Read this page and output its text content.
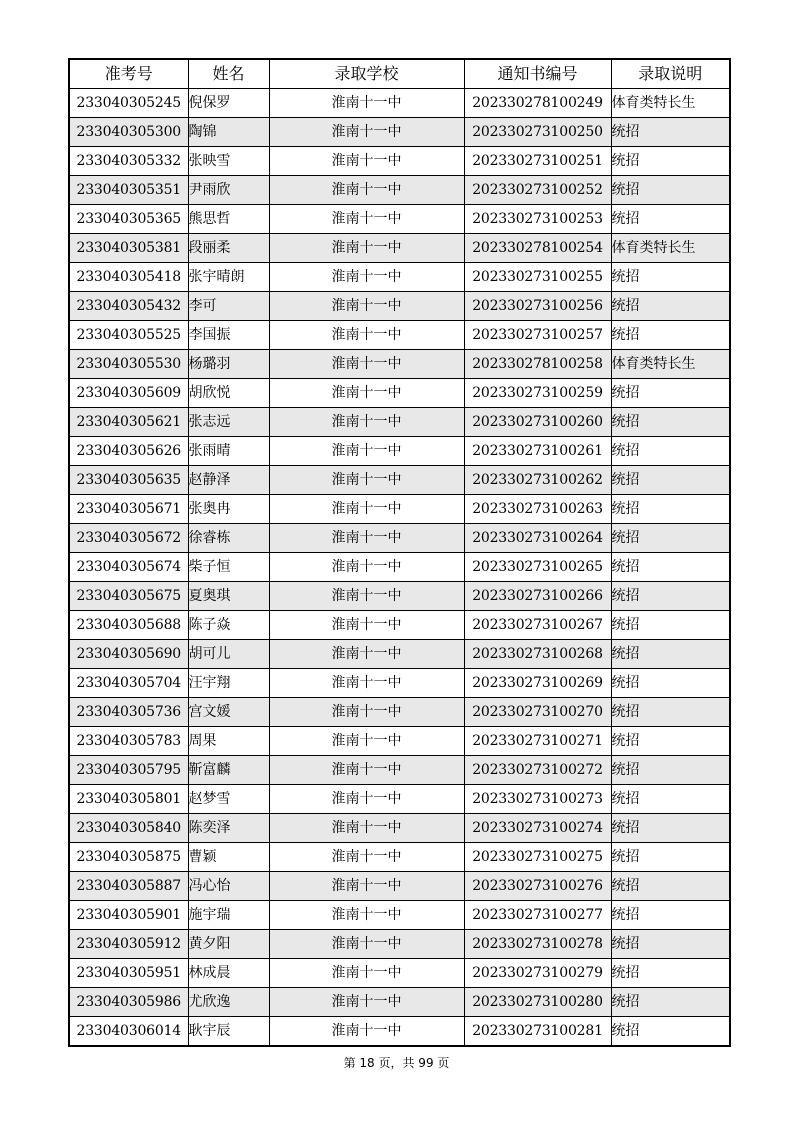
准考号	姓名	录取学校	通知书编号	录取说明
233040305245	倪保罗	淮南十一中	202330278100249	体育类特长生
233040305300	陶锦	淮南十一中	202330273100250	统招
233040305332	张映雪	淮南十一中	202330273100251	统招
233040305351	尹雨欣	淮南十一中	202330273100252	统招
233040305365	熊思哲	淮南十一中	202330273100253	统招
233040305381	段丽柔	淮南十一中	202330278100254	体育类特长生
233040305418	张宇晴朗	淮南十一中	202330273100255	统招
233040305432	李可	淮南十一中	202330273100256	统招
233040305525	李国振	淮南十一中	202330273100257	统招
233040305530	杨璐羽	淮南十一中	202330278100258	体育类特长生
233040305609	胡欣悦	淮南十一中	202330273100259	统招
233040305621	张志远	淮南十一中	202330273100260	统招
233040305626	张雨晴	淮南十一中	202330273100261	统招
233040305635	赵静泽	淮南十一中	202330273100262	统招
233040305671	张奥冉	淮南十一中	202330273100263	统招
233040305672	徐睿栋	淮南十一中	202330273100264	统招
233040305674	柴子恒	淮南十一中	202330273100265	统招
233040305675	夏奥琪	淮南十一中	202330273100266	统招
233040305688	陈子焱	淮南十一中	202330273100267	统招
233040305690	胡可儿	淮南十一中	202330273100268	统招
233040305704	汪宇翔	淮南十一中	202330273100269	统招
233040305736	宫文媛	淮南十一中	202330273100270	统招
233040305783	周果	淮南十一中	202330273100271	统招
233040305795	靳富麟	淮南十一中	202330273100272	统招
233040305801	赵梦雪	淮南十一中	202330273100273	统招
233040305840	陈奕泽	淮南十一中	202330273100274	统招
233040305875	曹颖	淮南十一中	202330273100275	统招
233040305887	冯心怡	淮南十一中	202330273100276	统招
233040305901	施宇瑞	淮南十一中	202330273100277	统招
233040305912	黄夕阳	淮南十一中	202330273100278	统招
233040305951	林成晨	淮南十一中	202330273100279	统招
233040305986	尤欣逸	淮南十一中	202330273100280	统招
233040306014	耿宇辰	淮南十一中	202330273100281	统招
第 18 页，共 99 页
